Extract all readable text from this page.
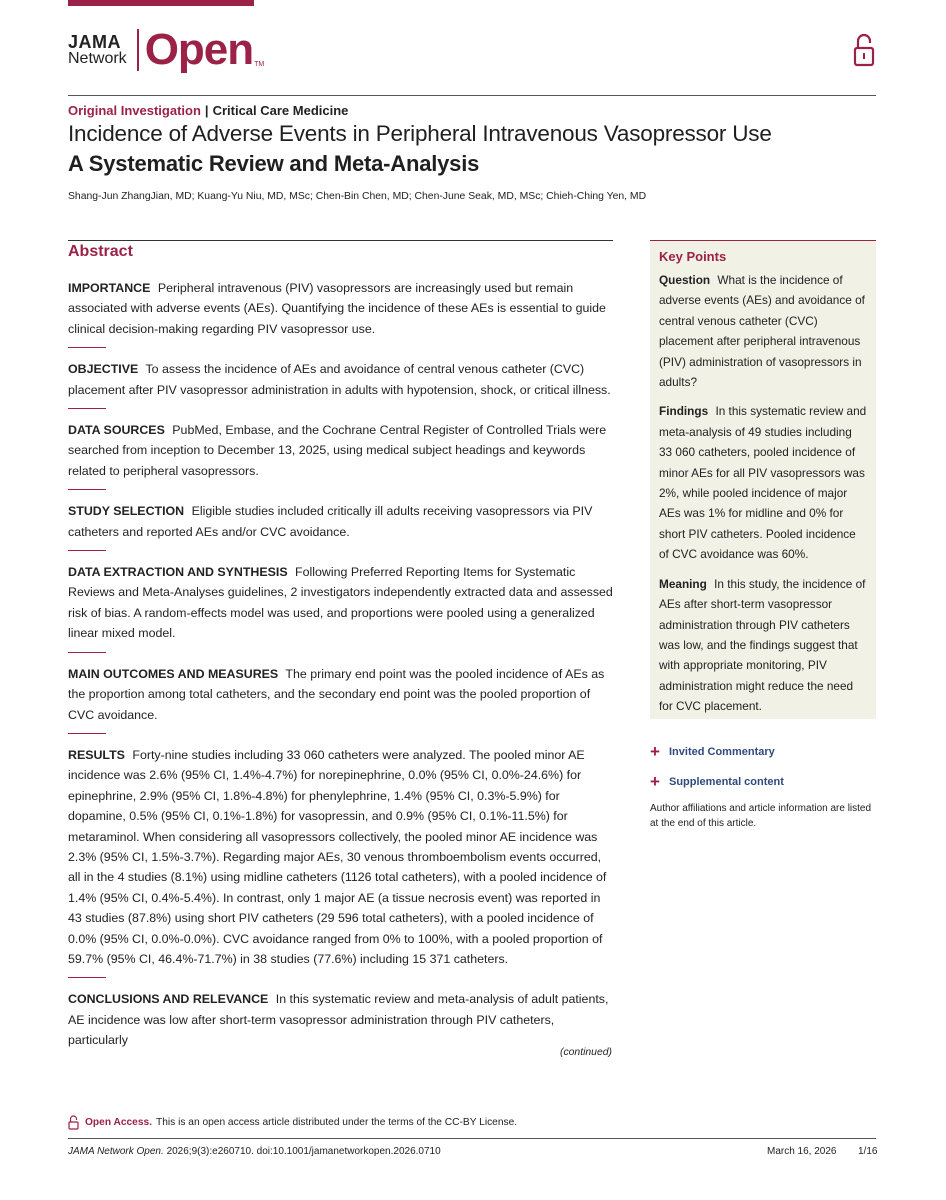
JAMA
Network Open TM
Original Investigation | Critical Care Medicine
Incidence of Adverse Events in Peripheral Intravenous Vasopressor Use
A Systematic Review and Meta-Analysis
Shang-Jun ZhangJian, MD; Kuang-Yu Niu, MD, MSc; Chen-Bin Chen, MD; Chen-June Seak, MD, MSc; Chieh-Ching Yen, MD
Abstract

IMPORTANCE Peripheral intravenous (PIV) vasopressors are increasingly used but remain associated with adverse events (AEs). Quantifying the incidence of these AEs is essential to guide clinical decision-making regarding PIV vasopressor use.

OBJECTIVE To assess the incidence of AEs and avoidance of central venous catheter (CVC) placement after PIV vasopressor administration in adults with hypotension, shock, or critical illness.

DATA SOURCES PubMed, Embase, and the Cochrane Central Register of Controlled Trials were searched from inception to December 13, 2025, using medical subject headings and keywords related to peripheral vasopressors.

STUDY SELECTION Eligible studies included critically ill adults receiving vasopressors via PIV catheters and reported AEs and/or CVC avoidance.

DATA EXTRACTION AND SYNTHESIS Following Preferred Reporting Items for Systematic Reviews and Meta-Analyses guidelines, 2 investigators independently extracted data and assessed risk of bias. A random-effects model was used, and proportions were pooled using a generalized linear mixed model.

MAIN OUTCOMES AND MEASURES The primary end point was the pooled incidence of AEs as the proportion among total catheters, and the secondary end point was the pooled proportion of CVC avoidance.

RESULTS Forty-nine studies including 33 060 catheters were analyzed. The pooled minor AE incidence was 2.6% (95% CI, 1.4%-4.7%) for norepinephrine, 0.0% (95% CI, 0.0%-24.6%) for epinephrine, 2.9% (95% CI, 1.8%-4.8%) for phenylephrine, 1.4% (95% CI, 0.3%-5.9%) for dopamine, 0.5% (95% CI, 0.1%-1.8%) for vasopressin, and 0.9% (95% CI, 0.1%-11.5%) for metaraminol. When considering all vasopressors collectively, the pooled minor AE incidence was 2.3% (95% CI, 1.5%-3.7%). Regarding major AEs, 30 venous thromboembolism events occurred, all in the 4 studies (8.1%) using midline catheters (1126 total catheters), with a pooled incidence of 1.4% (95% CI, 0.4%-5.4%). In contrast, only 1 major AE (a tissue necrosis event) was reported in 43 studies (87.8%) using short PIV catheters (29 596 total catheters), with a pooled incidence of 0.0% (95% CI, 0.0%-0.0%). CVC avoidance ranged from 0% to 100%, with a pooled proportion of 59.7% (95% CI, 46.4%-71.7%) in 38 studies (77.6%) including 15 371 catheters.

CONCLUSIONS AND RELEVANCE In this systematic review and meta-analysis of adult patients, AE incidence was low after short-term vasopressor administration through PIV catheters, particularly

(continued)
Key Points

Question What is the incidence of adverse events (AEs) and avoidance of central venous catheter (CVC) placement after peripheral intravenous (PIV) administration of vasopressors in adults?

Findings In this systematic review and meta-analysis of 49 studies including 33 060 catheters, pooled incidence of minor AEs for all PIV vasopressors was 2%, while pooled incidence of major AEs was 1% for midline and 0% for short PIV catheters. Pooled incidence of CVC avoidance was 60%.

Meaning In this study, the incidence of AEs after short-term vasopressor administration through PIV catheters was low, and the findings suggest that with appropriate monitoring, PIV administration might reduce the need for CVC placement.

+ Invited Commentary
+ Supplemental content
Author affiliations and article information are listed at the end of this article.
Open Access. This is an open access article distributed under the terms of the CC-BY License.
JAMA Network Open. 2026;9(3):e260710. doi:10.1001/jamanetworkopen.2026.0710	March 16, 2026 1/16
